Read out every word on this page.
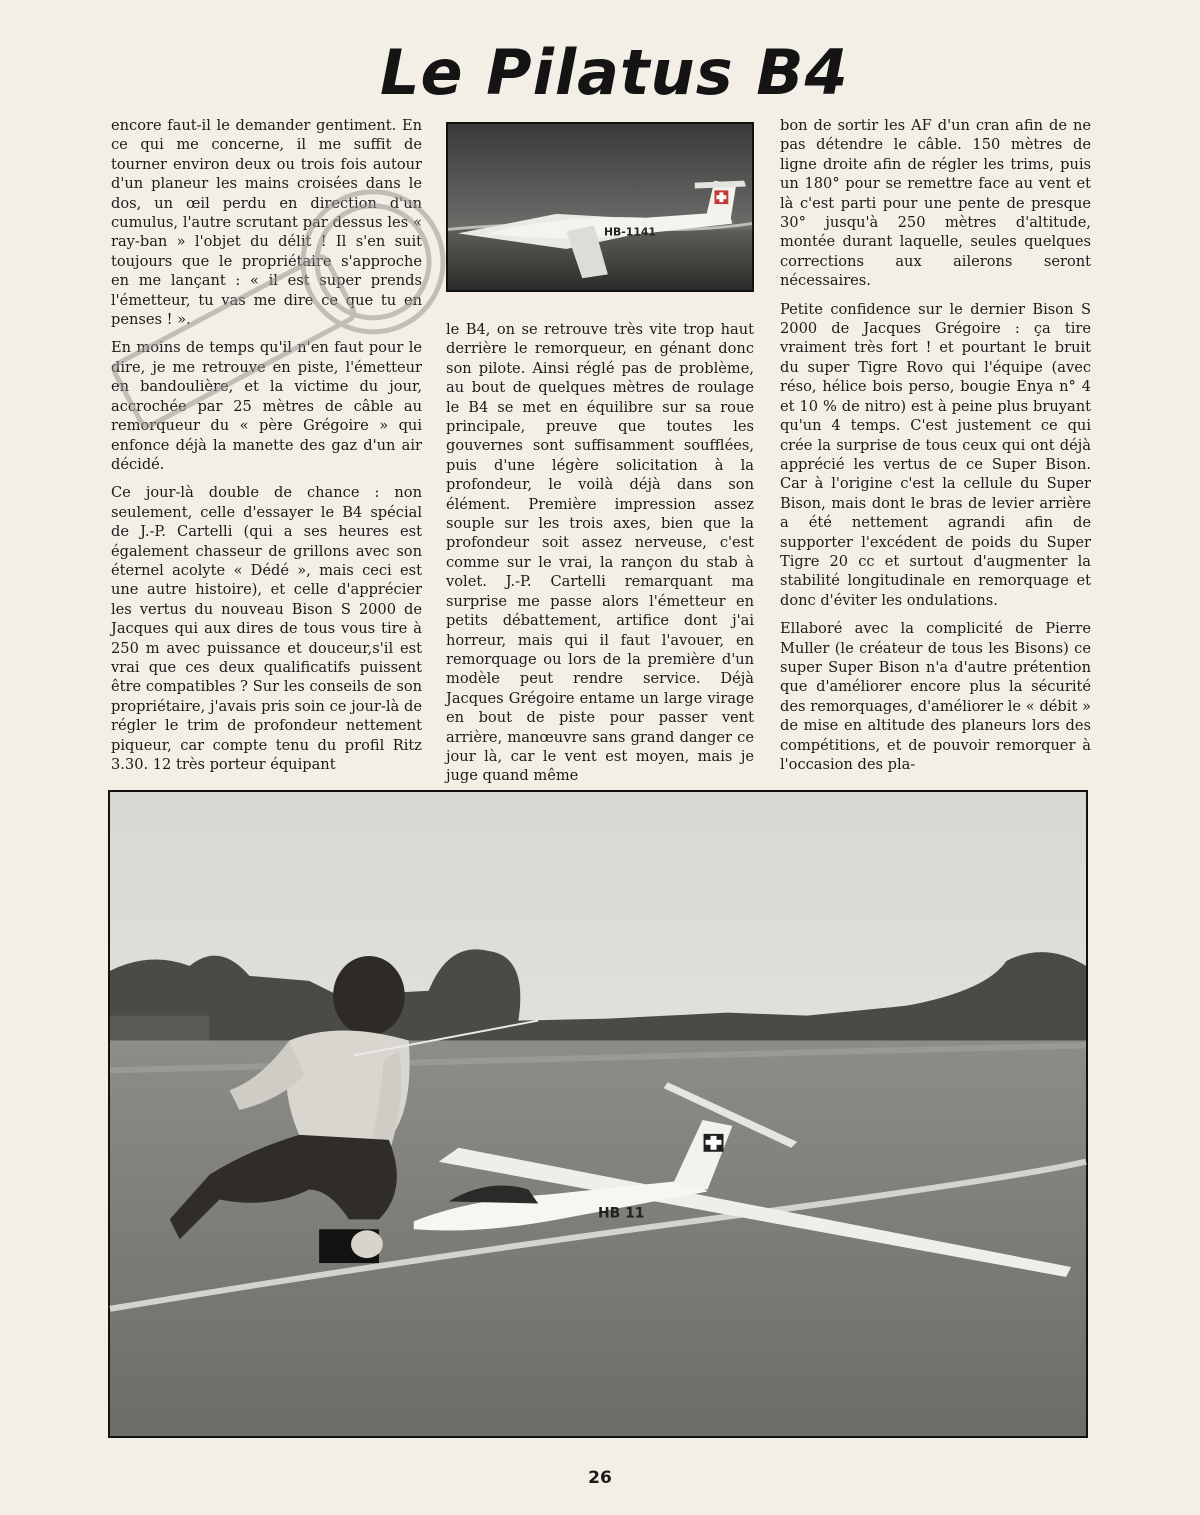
Le Pilatus B4

encore faut-il le demander gentiment. En ce qui me concerne, il me suffit de tourner environ deux ou trois fois autour d'un planeur les mains croisées dans le dos, un œil perdu en direction d'un cumulus, l'autre scrutant par dessus les « ray-ban » l'objet du délit ! Il s'en suit toujours que le propriétaire s'approche en me lançant : « il est super prends l'émetteur, tu vas me dire ce que tu en penses ! ».

En moins de temps qu'il n'en faut pour le dire, je me retrouve en piste, l'émetteur en bandoulière, et la victime du jour, accrochée par 25 mètres de câble au remorqueur du « père Grégoire » qui enfonce déjà la manette des gaz d'un air décidé.

Ce jour-là double de chance : non seulement, celle d'essayer le B4 spécial de J.-P. Cartelli (qui a ses heures est également chasseur de grillons avec son éternel acolyte « Dédé », mais ceci est une autre histoire), et celle d'apprécier les vertus du nouveau Bison S 2000 de Jacques qui aux dires de tous vous tire à 250 m avec puissance et douceur,s'il est vrai que ces deux qualificatifs puissent être compatibles ? Sur les conseils de son propriétaire, j'avais pris soin ce jour-là de régler le trim de profondeur nettement piqueur, car compte tenu du profil Ritz 3.30. 12 très porteur équipant

HB-1141

le B4, on se retrouve très vite trop haut derrière le remorqueur, en génant donc son pilote. Ainsi réglé pas de problème, au bout de quelques mètres de roulage le B4 se met en équilibre sur sa roue principale, preuve que toutes les gouvernes sont suffisamment soufflées, puis d'une légère solicitation à la profondeur, le voilà déjà dans son élément. Première impression assez souple sur les trois axes, bien que la profondeur soit assez nerveuse, c'est comme sur le vrai, la rançon du stab à volet. J.-P. Cartelli remarquant ma surprise me passe alors l'émetteur en petits débattement, artifice dont j'ai horreur, mais qui il faut l'avouer, en remorquage ou lors de la première d'un modèle peut rendre service. Déjà Jacques Grégoire entame un large virage en bout de piste pour passer vent arrière, manœuvre sans grand danger ce jour là, car le vent est moyen, mais je juge quand même

bon de sortir les AF d'un cran afin de ne pas détendre le câble. 150 mètres de ligne droite afin de régler les trims, puis un 180° pour se remettre face au vent et là c'est parti pour une pente de presque 30° jusqu'à 250 mètres d'altitude, montée durant laquelle, seules quelques corrections aux ailerons seront nécessaires.

Petite confidence sur le dernier Bison S 2000 de Jacques Grégoire : ça tire vraiment très fort ! et pourtant le bruit du super Tigre Rovo qui l'équipe (avec réso, hélice bois perso, bougie Enya n° 4 et 10 % de nitro) est à peine plus bruyant qu'un 4 temps. C'est justement ce qui crée la surprise de tous ceux qui ont déjà apprécié les vertus de ce Super Bison. Car à l'origine c'est la cellule du Super Bison, mais dont le bras de levier arrière a été nettement agrandi afin de supporter l'excédent de poids du Super Tigre 20 cc et surtout d'augmenter la stabilité longitudinale en remorquage et donc d'éviter les ondulations.

Ellaboré avec la complicité de Pierre Muller (le créateur de tous les Bisons) ce super Super Bison n'a d'autre prétention que d'améliorer encore plus la sécurité des remorquages, d'améliorer le « débit » de mise en altitude des planeurs lors des compétitions, et de pouvoir remorquer à l'occasion des pla-

HB 11
26
